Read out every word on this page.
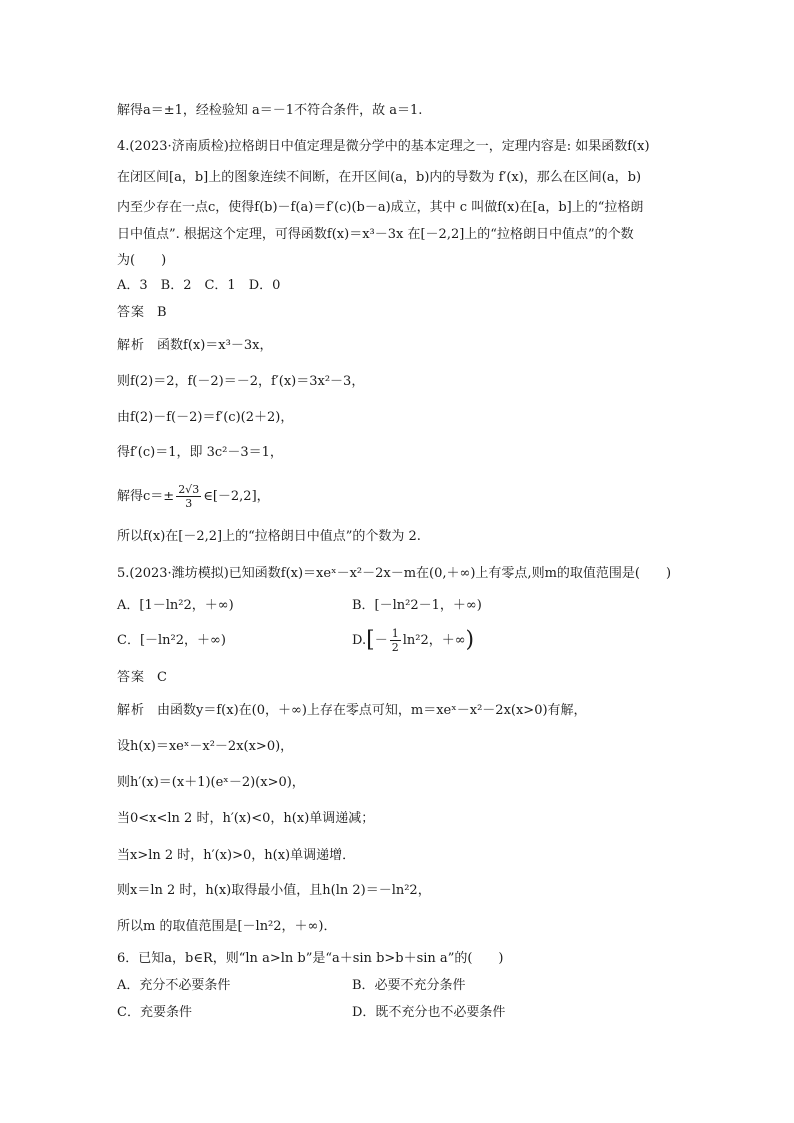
解得a＝±1，经检验知 a＝－1不符合条件，故 a＝1.
4.(2023·济南质检)拉格朗日中值定理是微分学中的基本定理之一，定理内容是: 如果函数f(x)
在闭区间[a，b]上的图象连续不间断，在开区间(a，b)内的导数为 f′(x)，那么在区间(a，b)
内至少存在一点c，使得f(b)－f(a)＝f′(c)(b－a)成立，其中 c 叫做f(x)在[a，b]上的“拉格朗
日中值点”. 根据这个定理，可得函数f(x)＝x³－3x 在[－2,2]上的“拉格朗日中值点”的个数
为(　　)
A．3　B．2　C．1　D．0
答案 B
解析 函数f(x)＝x³－3x，
则f(2)＝2，f(－2)＝－2，f′(x)＝3x²－3，
由f(2)－f(－2)＝f′(c)(2＋2)，
得f′(c)＝1，即 3c²－3＝1，
解得$c=\pm \frac{2√3}{3}$ ∈[－2,2]，
所以f(x)在[－2,2]上的“拉格朗日中值点”的个数为 2.
5.(2023·潍坊模拟)已知函数f(x)＝xeˣ－x²－2x－m在(0,＋∞)上有零点,则m的取值范围是(　　)
A．[1－ln²2，＋∞)	B．[－ln²2－1，＋∞)
C．[－ln²2，＋∞)	$D.[- \frac{1}{2} \ln^22$，＋∞)
答案 C
解析 由函数y＝f(x)在(0，＋∞)上存在零点可知，m＝xeˣ－x²－2x(x>0)有解，
设h(x)＝xeˣ－x²－2x(x>0)，
则h′(x)＝(x＋1)(eˣ－2)(x>0)，
当0<x<ln 2 时，h′(x)<0，h(x)单调递减；
当x>ln 2 时，h′(x)>0，h(x)单调递增．
则x＝ln 2 时，h(x)取得最小值，且h(ln 2)＝－ln²2，
所以m 的取值范围是[－ln²2，＋∞)．
6．已知a，b∈R，则“ln a>ln b”是“a＋sin b>b＋sin a”的(　　)
A．充分不必要条件	B．必要不充分条件
C．充要条件	D．既不充分也不必要条件
